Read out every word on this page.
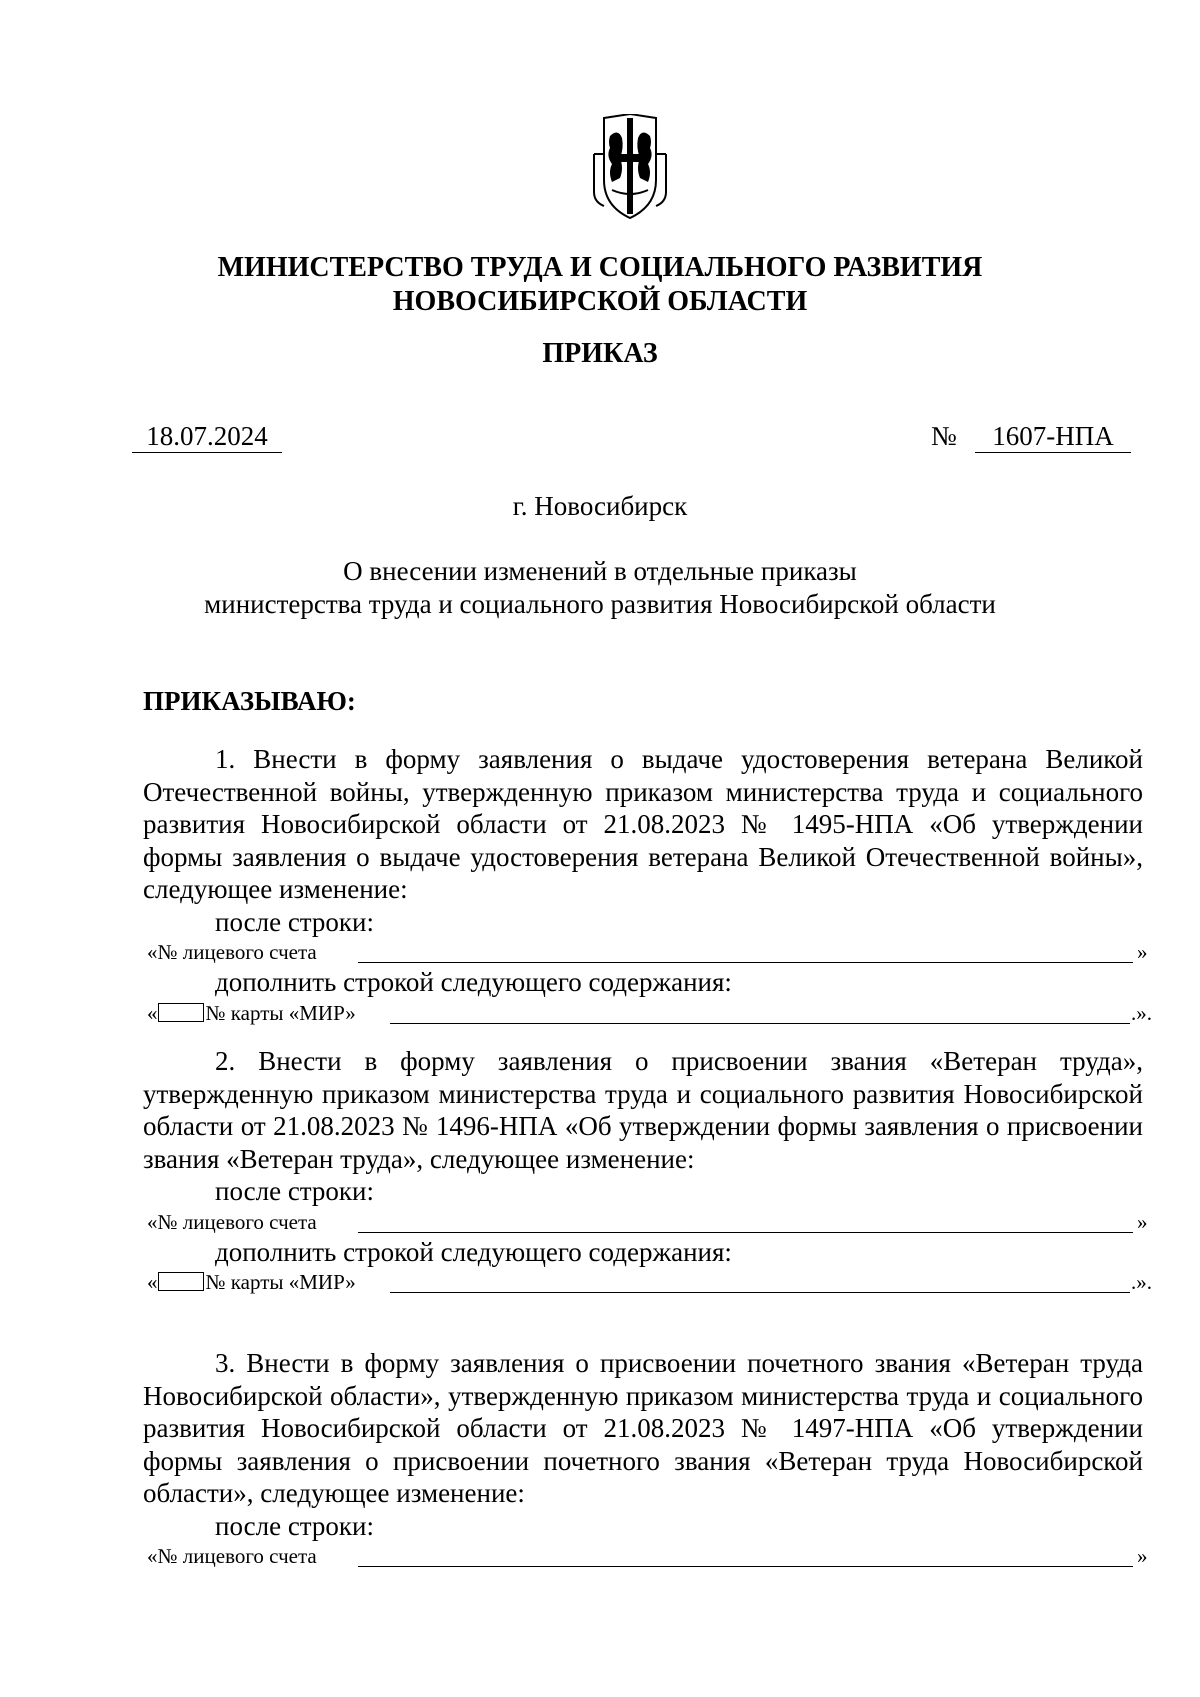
МИНИСТЕРСТВО ТРУДА И СОЦИАЛЬНОГО РАЗВИТИЯ
НОВОСИБИРСКОЙ ОБЛАСТИ
ПРИКАЗ
18.07.2024	№	1607-НПА
г. Новосибирск
О внесении изменений в отдельные приказы
министерства труда и социального развития Новосибирской области
ПРИКАЗЫВАЮ:

1. Внести в форму заявления о выдаче удостоверения ветерана Великой Отечественной войны, утвержденную приказом министерства труда и социального развития Новосибирской области от 21.08.2023 № 1495-НПА «Об утверждении формы заявления о выдаче удостоверения ветерана Великой Отечественной войны», следующее изменение:

после строки:

«№ лицевого счета	»

дополнить строкой следующего содержания:

« № карты «МИР»	.».

2. Внести в форму заявления о присвоении звания «Ветеран труда», утвержденную приказом министерства труда и социального развития Новосибирской области от 21.08.2023 № 1496-НПА «Об утверждении формы заявления о присвоении звания «Ветеран труда», следующее изменение:

после строки:

«№ лицевого счета	»

дополнить строкой следующего содержания:

« № карты «МИР»	.».

3. Внести в форму заявления о присвоении почетного звания «Ветеран труда Новосибирской области», утвержденную приказом министерства труда и социального развития Новосибирской области от 21.08.2023 № 1497-НПА «Об утверждении формы заявления о присвоении почетного звания «Ветеран труда Новосибирской области», следующее изменение:

после строки:

«№ лицевого счета	»
